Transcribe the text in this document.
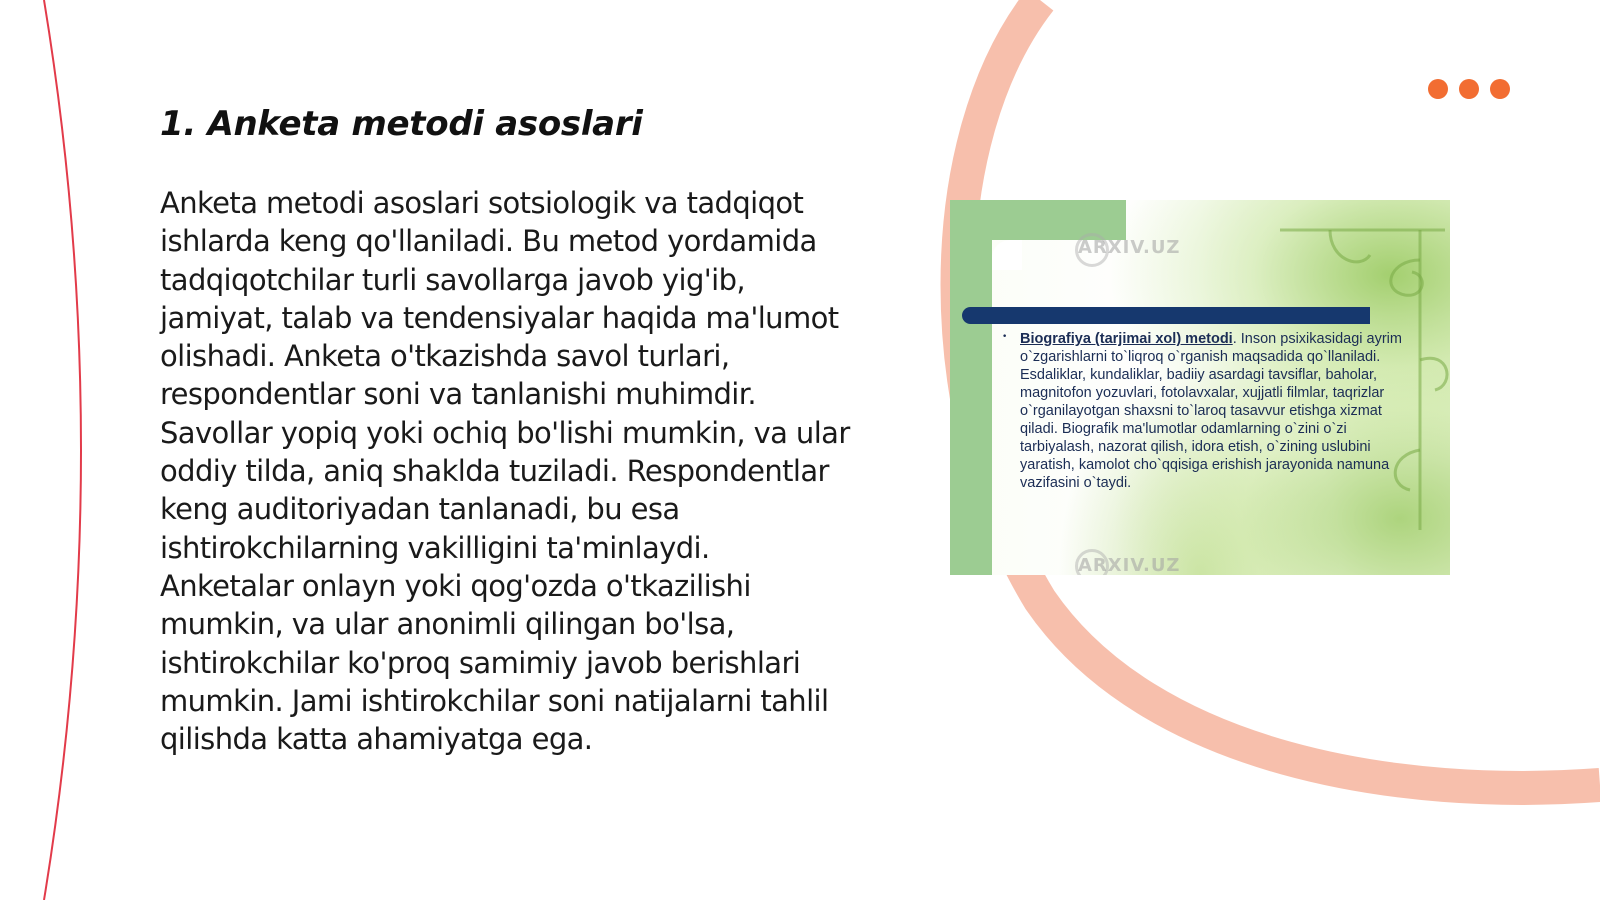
1. Anketa metodi asoslari

Anketa metodi asoslari sotsiologik va tadqiqot ishlarda keng qo'llaniladi. Bu metod yordamida tadqiqotchilar turli savollarga javob yig'ib, jamiyat, talab va tendensiyalar haqida ma'lumot olishadi. Anketa o'tkazishda savol turlari, respondentlar soni va tanlanishi muhimdir. Savollar yopiq yoki ochiq bo'lishi mumkin, va ular oddiy tilda, aniq shaklda tuziladi. Respondentlar keng auditoriyadan tanlanadi, bu esa ishtirokchilarning vakilligini ta'minlaydi. Anketalar onlayn yoki qog'ozda o'tkazilishi mumkin, va ular anonimli qilingan bo'lsa, ishtirokchilar ko'proq samimiy javob berishlari mumkin. Jami ishtirokchilar soni natijalarni tahlil qilishda katta ahamiyatga ega.

ARXIV.UZ
ARXIV.UZ
• Biografiya (tarjimai xol) metodi. Inson psixikasidagi ayrim o`zgarishlarni to`liqroq o`rganish maqsadida qo`llaniladi. Esdaliklar, kundaliklar, badiiy asardagi tavsiflar, baholar, magnitofon yozuvlari, fotolavxalar, xujjatli filmlar, taqrizlar o`rganilayotgan shaxsni to`laroq tasavvur etishga xizmat qiladi. Biografik ma'lumotlar odamlarning o`zini o`zi tarbiyalash, nazorat qilish, idora etish, o`zining uslubini yaratish, kamolot cho`qqisiga erishish jarayonida namuna vazifasini o`taydi.
